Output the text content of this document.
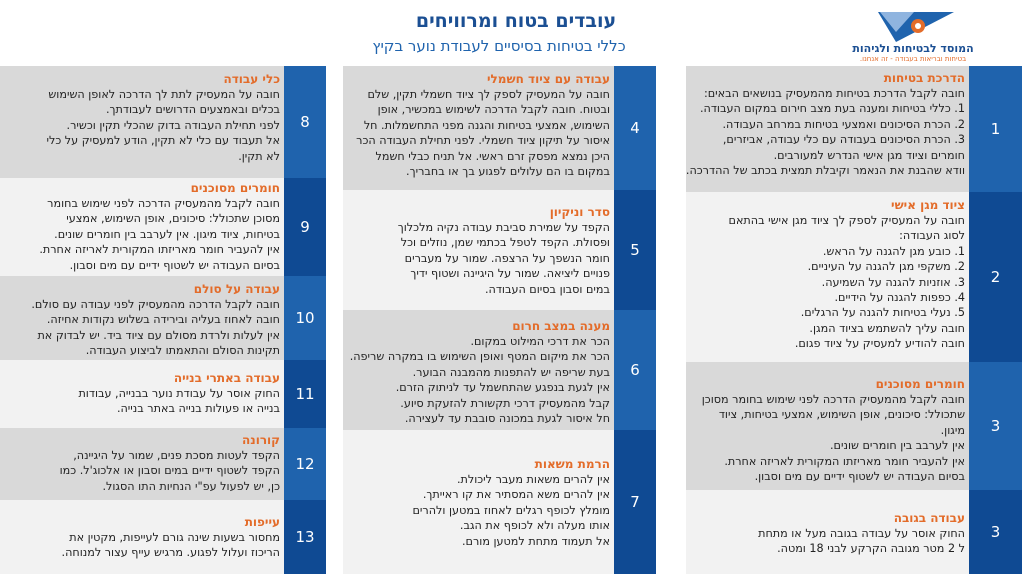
עובדים בטוח ומרוויחים
כללי בטיחות בסיסיים לעבודת נוער בקיץ	המוסד לבטיחות ולגיהות
בטיחות ובריאות בעבודה - זה אנחנו.
הדרכת בטיחות
חובה לקבל הדרכת בטיחות מהמעסיק בנושאים הבאים:
1. כללי בטיחות ומענה בעת מצב חירום במקום העבודה.
2. הכרת הסיכונים ואמצעי בטיחות במרחב העבודה.
3. הכרת הסיכונים בעבודה עם כלי עבודה, אביזרים,
חומרים וציוד מגן אישי הנדרש למעורבים.
וודא שהבנת את הנאמר וקיבלת תמצית בכתב של ההדרכה.
1
ציוד מגן אישי
חובה על המעסיק לספק לך ציוד מגן אישי בהתאם
לסוג העבודה:
1. כובע מגן להגנה על הראש.
2. משקפי מגן להגנה על העיניים.
3. אוזניות להגנה על השמיעה.
4. כפפות להגנה על הידיים.
5. נעלי בטיחות להגנה על הרגלים.
חובה עליך להשתמש בציוד המגן.
חובה להודיע למעסיק על ציוד פגום.
2
חומרים מסוכנים
חובה לקבל מהמעסיק הדרכה לפני שימוש בחומר מסוכן
שתכולל: סיכונים, אופן השימוש, אמצעי בטיחות, ציוד
מיגון.
אין לערבב בין חומרים שונים.
אין להעביר חומר מאריזתו המקורית לאריזה אחרת.
בסיום העבודה יש לשטוף ידיים עם מים וסבון.
3
עבודה בגובה
החוק אוסר על עבודה בגובה מעל או מתחת
ל 2 מטר מגובה הקרקע לבני 18 ומטה.
3
עבודה עם ציוד חשמלי
חובה על המעסיק לספק לך ציוד חשמלי תקין, שלם
ובטוח. חובה לקבל הדרכה לשימוש במכשיר, אופן
השימוש, אמצעי בטיחות והגנה מפני התחשמלות. חל
איסור על תיקון ציוד חשמלי. לפני תחילת העבודה הכר
היכן נמצא מפסק זרם ראשי. אל תניח כבלי חשמל
במקום בו הם עלולים לפגוע בך או בחבריך.
4
סדר וניקיון
הקפד על שמירת סביבת עבודה נקיה מלכלוך
ופסולת. הקפד לטפל בכתמי שמן, נוזלים וכל
חומר הנשפך על הרצפה. שמור על מעברים
פנויים ליציאה. שמור על היגיינה ושטוף ידיך
במים וסבון בסיום העבודה.
5
מענה במצב חרום
הכר את דרכי המילוט במקום.
הכר את מיקום המטף ואופן השימוש בו במקרה שריפה.
בעת שריפה יש להתפנות מהמבנה הבוער.
אין לגעת בנפגע שהתחשמל עד לניתוק הזרם.
קבל מהמעסיק דרכי תקשורת להזעקת סיוע.
חל איסור לגעת במכונה סובבת עד לעצירה.
6
הרמת משאות
אין להרים משאות מעבר ליכולת.
אין להרים משא המסתיר את קו ראייתך.
מומלץ לכופף רגלים לאחוז במטען ולהרים
אותו מעלה ולא לכופף את הגב.
אל תעמוד מתחת למטען מורם.
7
כלי עבודה
חובה על המעסיק לתת לך הדרכה לאופן השימוש
בכלים ובאמצעים הדרושים לעבודתך.
לפני תחילת העבודה בדוק שהכלי תקין וכשיר.
אל תעבוד עם כלי לא תקין, הודע למעסיק על כלי
לא תקין.
8
חומרים מסוכנים
חובה לקבל מהמעסיק הדרכה לפני שימוש בחומר
מסוכן שתכולל: סיכונים, אופן השימוש, אמצעי
בטיחות, ציוד מיגון. אין לערבב בין חומרים שונים.
אין להעביר חומר מאריזתו המקורית לאריזה אחרת.
בסיום העבודה יש לשטוף ידיים עם מים וסבון.
9
עבודה על סולם
חובה לקבל הדרכה מהמעסיק לפני עבודה עם סולם.
חובה לאחוז בעליה ובירידה בשלוש נקודות אחיזה.
אין לעלות ולרדת מסולם עם ציוד ביד. יש לבדוק את
תקינות הסולם והתאמתו לביצוע העבודה.
10
עבודה באתרי בנייה
החוק אוסר על עבודת נוער בבנייה, עבודות
בנייה או פעולות בנייה באתר בנייה.
11
קורונה
הקפד לעטות מסכת פנים, שמור על היגיינה,
הקפד לשטוף ידיים במים וסבון או אלכוג'ל. כמו
כן, יש לפעול עפ"י הנחיות התו הסגול.
12
עייפות
מחסור בשעות שינה גורם לעייפות, מקטין את
הריכוז ועלול לפגוע. מרגיש עייף עצור למנוחה.
13
